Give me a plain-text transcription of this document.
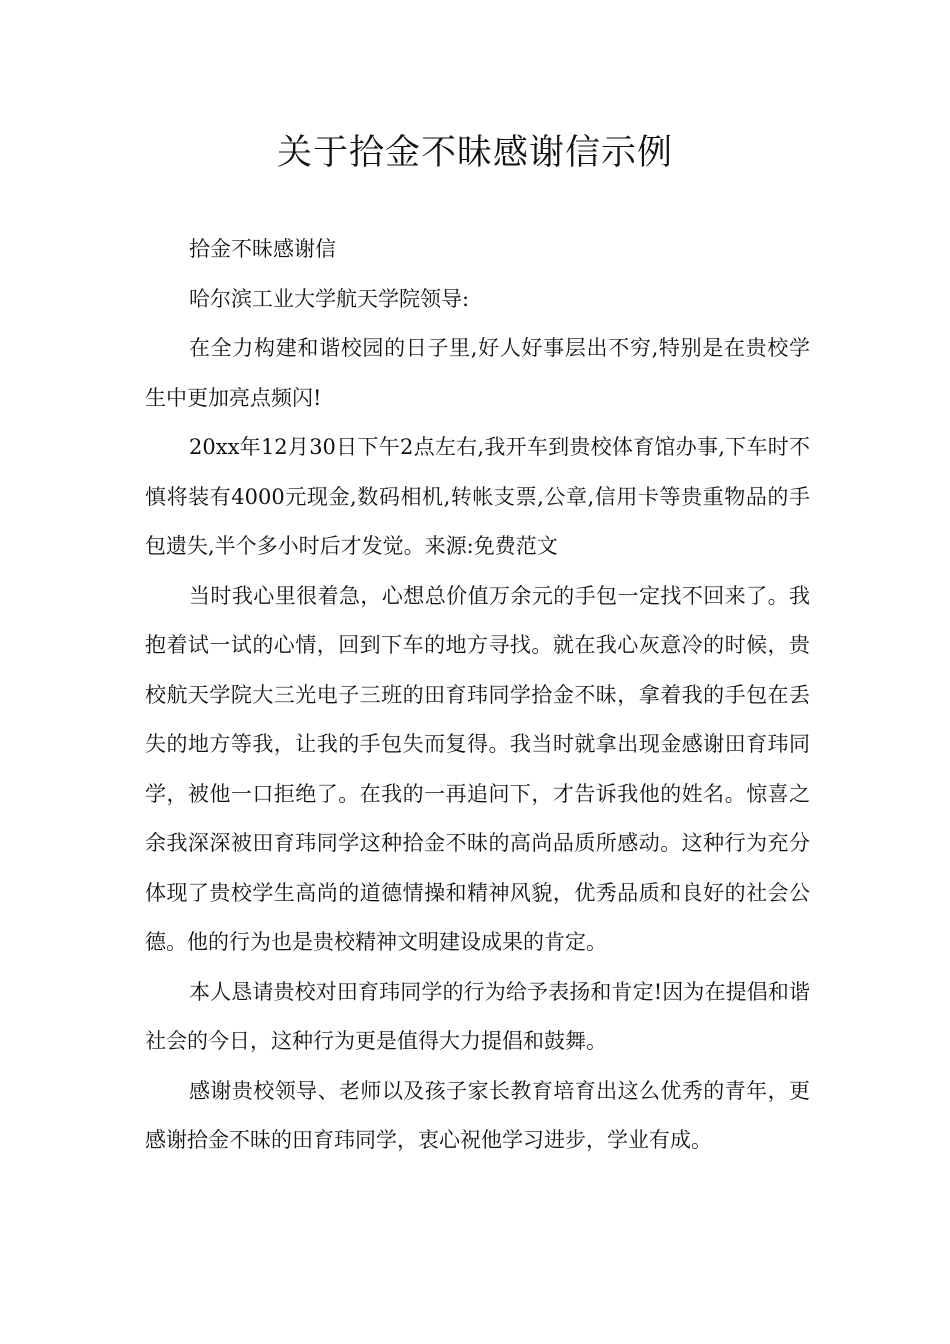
关于拾金不昧感谢信示例

拾金不昧感谢信

哈尔滨工业大学航天学院领导:

在全力构建和谐校园的日子里,好人好事层出不穷,特别是在贵校学生中更加亮点频闪!

20xx年12月30日下午2点左右,我开车到贵校体育馆办事,下车时不慎将装有4000元现金,数码相机,转帐支票,公章,信用卡等贵重物品的手包遗失,半个多小时后才发觉。来源:免费范文

当时我心里很着急，心想总价值万余元的手包一定找不回来了。我抱着试一试的心情，回到下车的地方寻找。就在我心灰意冷的时候，贵校航天学院大三光电子三班的田育玮同学拾金不昧，拿着我的手包在丢失的地方等我，让我的手包失而复得。我当时就拿出现金感谢田育玮同学，被他一口拒绝了。在我的一再追问下，才告诉我他的姓名。惊喜之余我深深被田育玮同学这种拾金不昧的高尚品质所感动。这种行为充分体现了贵校学生高尚的道德情操和精神风貌，优秀品质和良好的社会公德。他的行为也是贵校精神文明建设成果的肯定。

本人恳请贵校对田育玮同学的行为给予表扬和肯定!因为在提倡和谐社会的今日，这种行为更是值得大力提倡和鼓舞。

感谢贵校领导、老师以及孩子家长教育培育出这么优秀的青年，更感谢拾金不昧的田育玮同学，衷心祝他学习进步，学业有成。
